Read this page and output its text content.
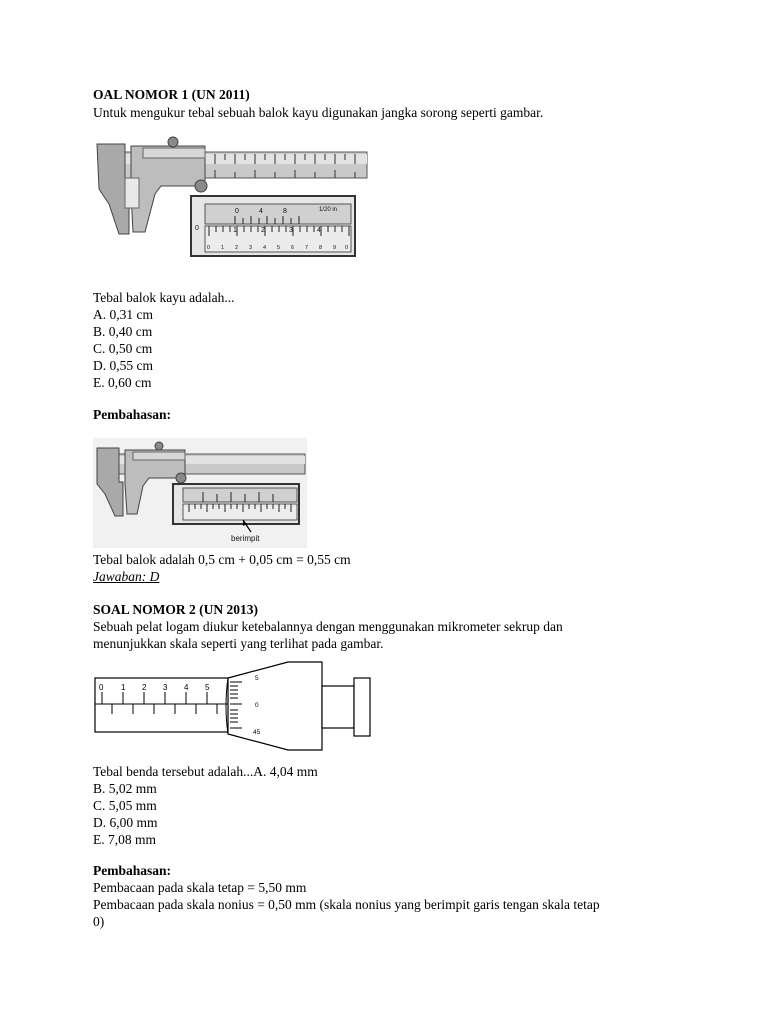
OAL NOMOR 1 (UN 2011)
Untuk mengukur tebal sebuah balok kayu digunakan jangka sorong seperti gambar.
0	1	2	3	4
0	4	8	1/20 in
0 1 2 3 4 5 6 7 8 9 0
Tebal balok kayu adalah...
A. 0,31 cm
B. 0,40 cm
C. 0,50 cm
D. 0,55 cm
E. 0,60 cm
Pembahasan:
berimpit
Tebal balok adalah 0,5 cm + 0,05 cm = 0,55 cm
Jawaban: D
SOAL NOMOR 2 (UN 2013)
Sebuah pelat logam diukur ketebalannya dengan menggunakan mikrometer sekrup dan
menunjukkan skala seperti yang terlihat pada gambar.
0 1 2 3 4 5
5
0
45
Tebal benda tersebut adalah...A. 4,04 mm
B. 5,02 mm
C. 5,05 mm
D. 6,00 mm
E. 7,08 mm
Pembahasan:
Pembacaan pada skala tetap = 5,50 mm
Pembacaan pada skala nonius = 0,50 mm (skala nonius yang berimpit garis tengan skala tetap
0)
